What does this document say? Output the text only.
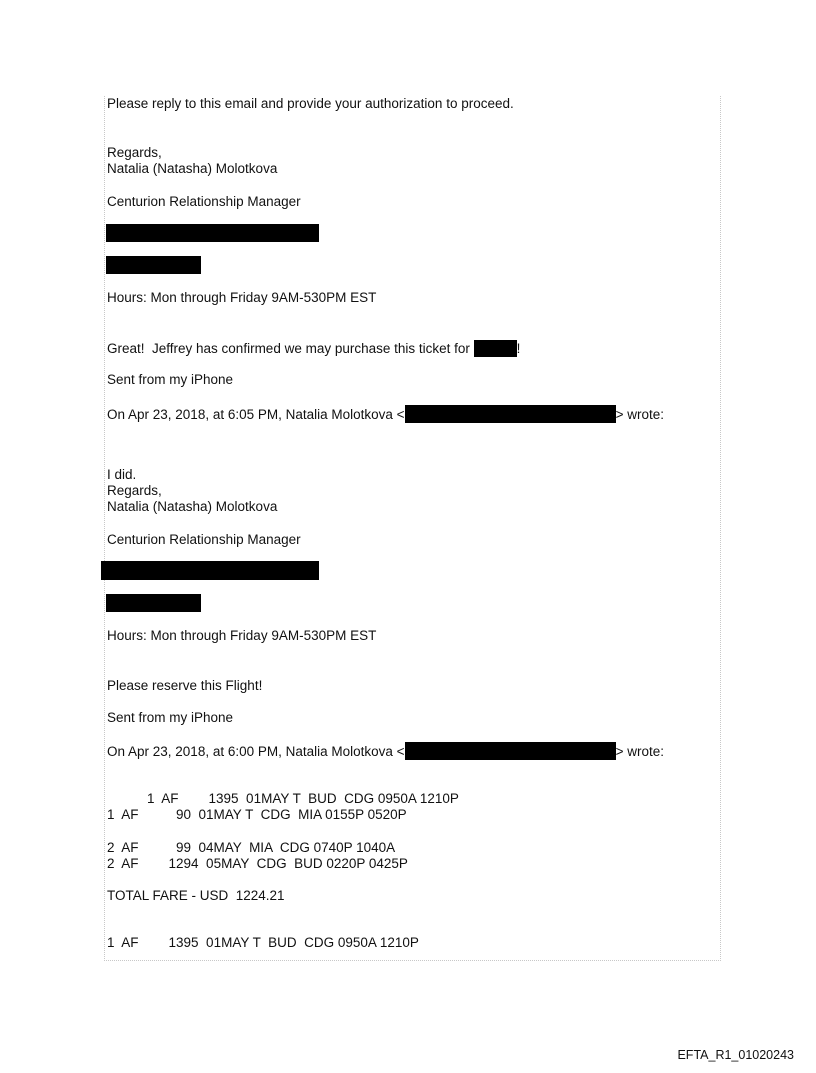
Please reply to this email and provide your authorization to proceed.

Regards,

Natalia (Natasha) Molotkova

Centurion Relationship Manager

Hours: Mon through Friday 9AM-530PM EST

Great!  Jeffrey has confirmed we may purchase this ticket for	!

Sent from my iPhone

On Apr 23, 2018, at 6:05 PM, Natalia Molotkova <	> wrote:

I did.

Regards,

Natalia (Natasha) Molotkova

Centurion Relationship Manager

Hours: Mon through Friday 9AM-530PM EST

Please reserve this Flight!

Sent from my iPhone

On Apr 23, 2018, at 6:00 PM, Natalia Molotkova <	> wrote:

1  AF        1395  01MAY T  BUD  CDG 0950A 1210P

1  AF          90  01MAY T  CDG  MIA 0155P 0520P

2  AF          99  04MAY  MIA  CDG 0740P 1040A

2  AF        1294  05MAY  CDG  BUD 0220P 0425P

TOTAL FARE - USD  1224.21

1  AF        1395  01MAY T  BUD  CDG 0950A 1210P

EFTA_R1_01020243
